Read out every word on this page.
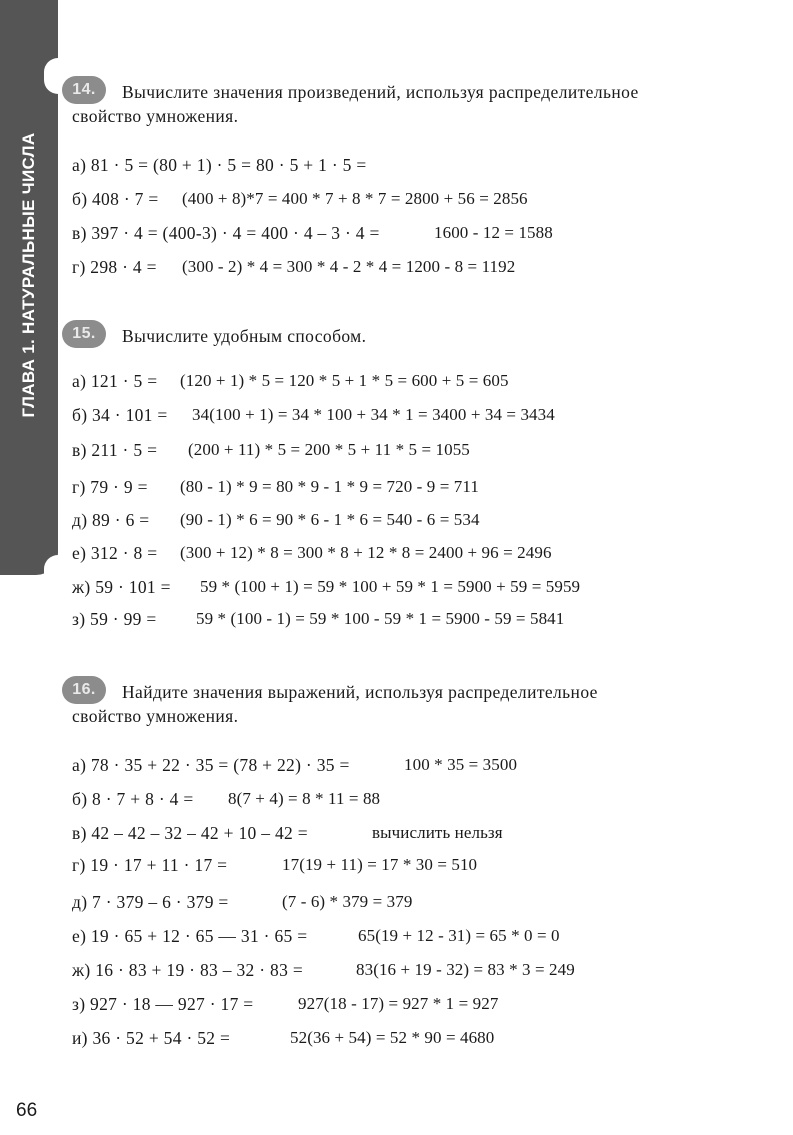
ГЛАВА 1. НАТУРАЛЬНЫЕ ЧИСЛА
14.	Вычислите значения произведений, используя распределительное
свойство умножения.
а) 81 · 5 = (80 + 1) · 5 = 80 · 5 + 1 · 5 =
б) 408 · 7 = (400 + 8)*7 = 400 * 7 + 8 * 7 = 2800 + 56 = 2856
в) 397 · 4 = (400-3) · 4 = 400 · 4 – 3 · 4 =	1600 - 12 = 1588
г) 298 · 4 = (300 - 2) * 4 = 300 * 4 - 2 * 4 = 1200 - 8 = 1192
15.	Вычислите удобным способом.
а) 121 · 5 = (120 + 1) * 5 = 120 * 5 + 1 * 5 = 600 + 5 = 605
б) 34 · 101 = 34(100 + 1) = 34 * 100 + 34 * 1 = 3400 + 34 = 3434
в) 211 · 5 = (200 + 11) * 5 = 200 * 5 + 11 * 5 = 1055
г) 79 · 9 = (80 - 1) * 9 = 80 * 9 - 1 * 9 = 720 - 9 = 711
д) 89 · 6 = (90 - 1) * 6 = 90 * 6 - 1 * 6 = 540 - 6 = 534
е) 312 · 8 = (300 + 12) * 8 = 300 * 8 + 12 * 8 = 2400 + 96 = 2496
ж) 59 · 101 = 59 * (100 + 1) = 59 * 100 + 59 * 1 = 5900 + 59 = 5959
з) 59 · 99 = 59 * (100 - 1) = 59 * 100 - 59 * 1 = 5900 - 59 = 5841
16.	Найдите значения выражений, используя распределительное
свойство умножения.
а) 78 · 35 + 22 · 35 = (78 + 22) · 35 =	100 * 35 = 3500
б) 8 · 7 + 8 · 4 = 8(7 + 4) = 8 * 11 = 88
в) 42 – 42 – 32 – 42 + 10 – 42 =	вычислить нельзя
г) 19 · 17 + 11 · 17 =	17(19 + 11) = 17 * 30 = 510
д) 7 · 379 – 6 · 379 =	(7 - 6) * 379 = 379
е) 19 · 65 + 12 · 65 — 31 · 65 =	65(19 + 12 - 31) = 65 * 0 = 0
ж) 16 · 83 + 19 · 83 – 32 · 83 =	83(16 + 19 - 32) = 83 * 3 = 249
з) 927 · 18 — 927 · 17 =	927(18 - 17) = 927 * 1 = 927
и) 36 · 52 + 54 · 52 =	52(36 + 54) = 52 * 90 = 4680
66
